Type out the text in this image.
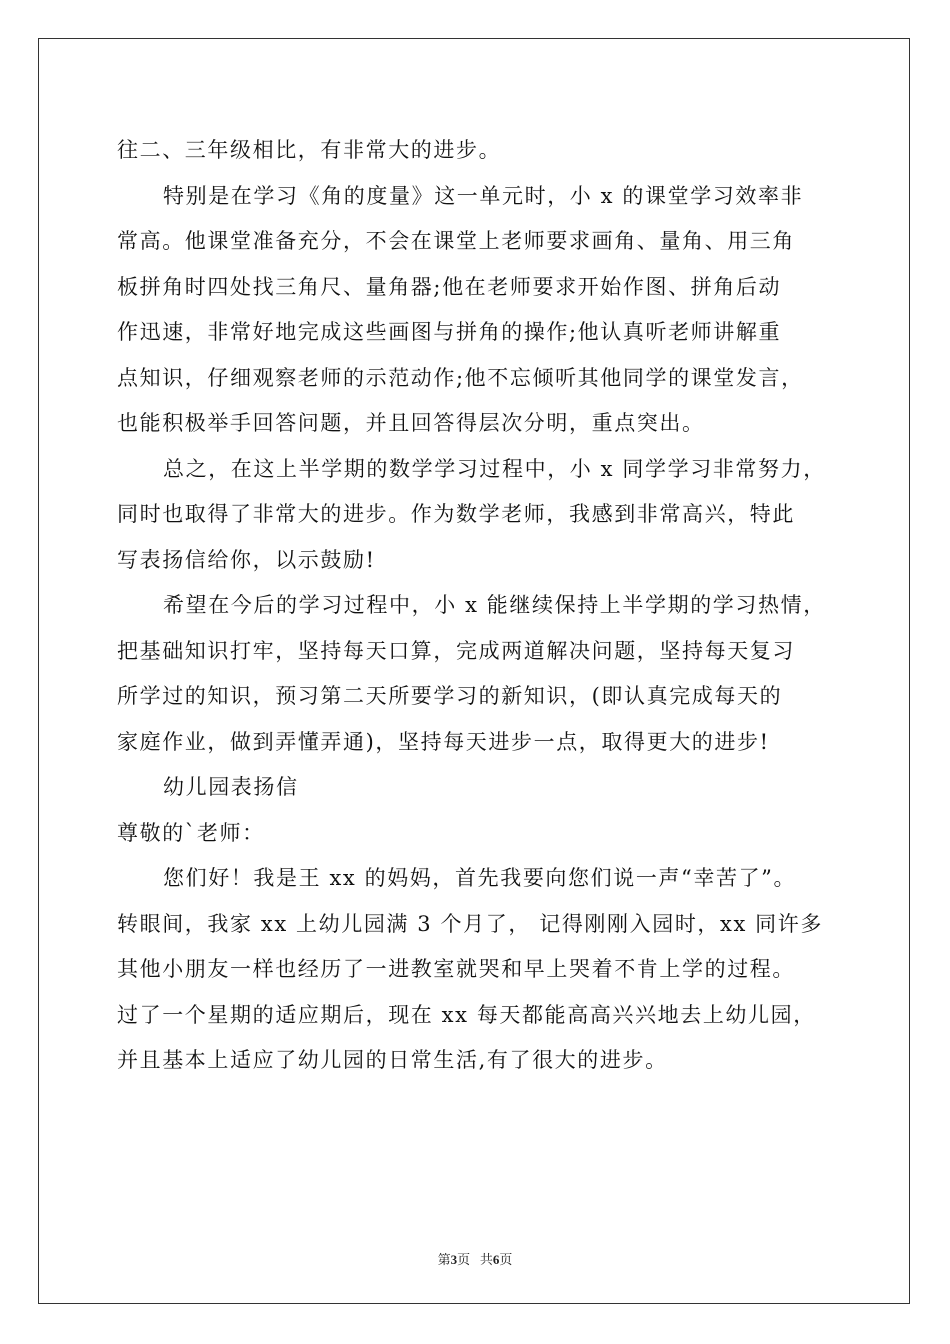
往二、三年级相比，有非常大的进步。
特别是在学习《角的度量》这一单元时，小 x 的课堂学习效率非
常高。他课堂准备充分，不会在课堂上老师要求画角、量角、用三角
板拼角时四处找三角尺、量角器;他在老师要求开始作图、拼角后动
作迅速，非常好地完成这些画图与拼角的操作;他认真听老师讲解重
点知识，仔细观察老师的示范动作;他不忘倾听其他同学的课堂发言，
也能积极举手回答问题，并且回答得层次分明，重点突出。
总之，在这上半学期的数学学习过程中，小 x 同学学习非常努力，
同时也取得了非常大的进步。作为数学老师，我感到非常高兴，特此
写表扬信给你，以示鼓励!
希望在今后的学习过程中，小 x 能继续保持上半学期的学习热情，
把基础知识打牢，坚持每天口算，完成两道解决问题，坚持每天复习
所学过的知识，预习第二天所要学习的新知识，(即认真完成每天的
家庭作业，做到弄懂弄通)，坚持每天进步一点，取得更大的进步!
幼儿园表扬信
尊敬的`老师：
您们好！我是王 xx 的妈妈，首先我要向您们说一声“幸苦了”。
转眼间，我家 xx 上幼儿园满 3 个月了， 记得刚刚入园时，xx 同许多
其他小朋友一样也经历了一进教室就哭和早上哭着不肯上学的过程。
过了一个星期的适应期后，现在 xx 每天都能高高兴兴地去上幼儿园，
并且基本上适应了幼儿园的日常生活,有了很大的进步。
第3页 共6页
